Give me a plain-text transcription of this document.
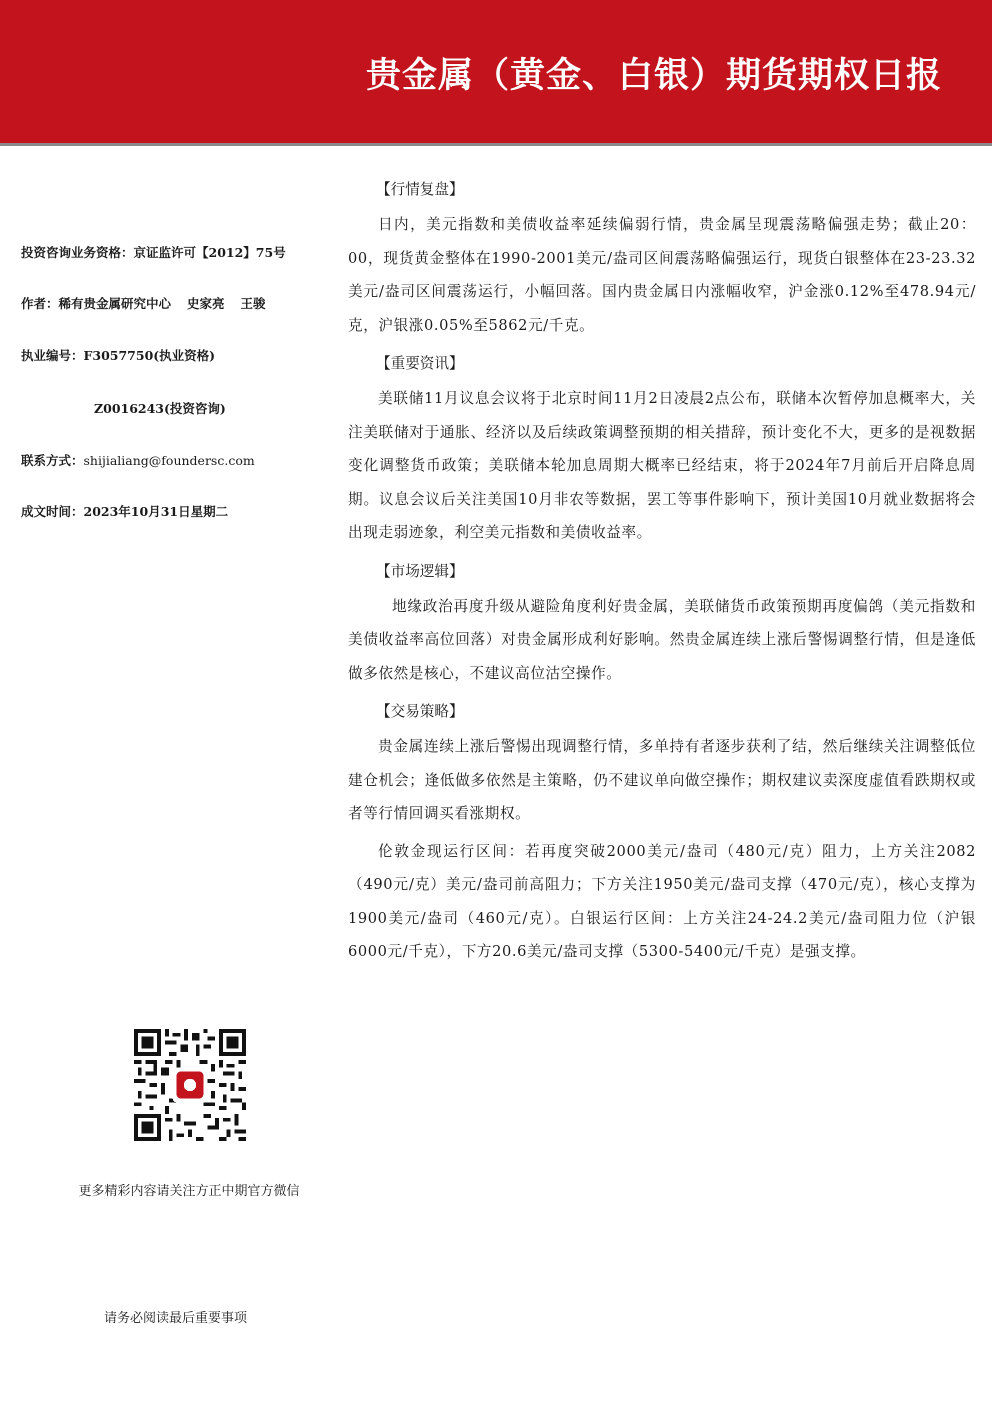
贵金属（黄金、白银）期货期权日报
投资咨询业务资格：京证监许可【2012】75号
作者：稀有贵金属研究中心 史家亮 王骏
执业编号：F3057750(执业资格)
Z0016243(投资咨询)
联系方式：shijialiang@foundersc.com
成文时间：2023年10月31日星期二
更多精彩内容请关注方正中期官方微信
请务必阅读最后重要事项
【行情复盘】

日内，美元指数和美债收益率延续偏弱行情，贵金属呈现震荡略偏强走势；截止20：00，现货黄金整体在1990-2001美元/盎司区间震荡略偏强运行，现货白银整体在23-23.32美元/盎司区间震荡运行，小幅回落。国内贵金属日内涨幅收窄，沪金涨0.12%至478.94元/克，沪银涨0.05%至5862元/千克。

【重要资讯】

美联储11月议息会议将于北京时间11月2日凌晨2点公布，联储本次暂停加息概率大，关注美联储对于通胀、经济以及后续政策调整预期的相关措辞，预计变化不大，更多的是视数据变化调整货币政策；美联储本轮加息周期大概率已经结束，将于2024年7月前后开启降息周期。议息会议后关注美国10月非农等数据，罢工等事件影响下，预计美国10月就业数据将会出现走弱迹象，利空美元指数和美债收益率。

【市场逻辑】

地缘政治再度升级从避险角度利好贵金属，美联储货币政策预期再度偏鸽（美元指数和美债收益率高位回落）对贵金属形成利好影响。然贵金属连续上涨后警惕调整行情，但是逢低做多依然是核心，不建议高位沽空操作。

【交易策略】

贵金属连续上涨后警惕出现调整行情，多单持有者逐步获利了结，然后继续关注调整低位建仓机会；逢低做多依然是主策略，仍不建议单向做空操作；期权建议卖深度虚值看跌期权或者等行情回调买看涨期权。

伦敦金现运行区间：若再度突破2000美元/盎司（480元/克）阻力，上方关注2082（490元/克）美元/盎司前高阻力；下方关注1950美元/盎司支撑（470元/克），核心支撑为1900美元/盎司（460元/克）。白银运行区间：上方关注24-24.2美元/盎司阻力位（沪银6000元/千克），下方20.6美元/盎司支撑（5300-5400元/千克）是强支撑。
